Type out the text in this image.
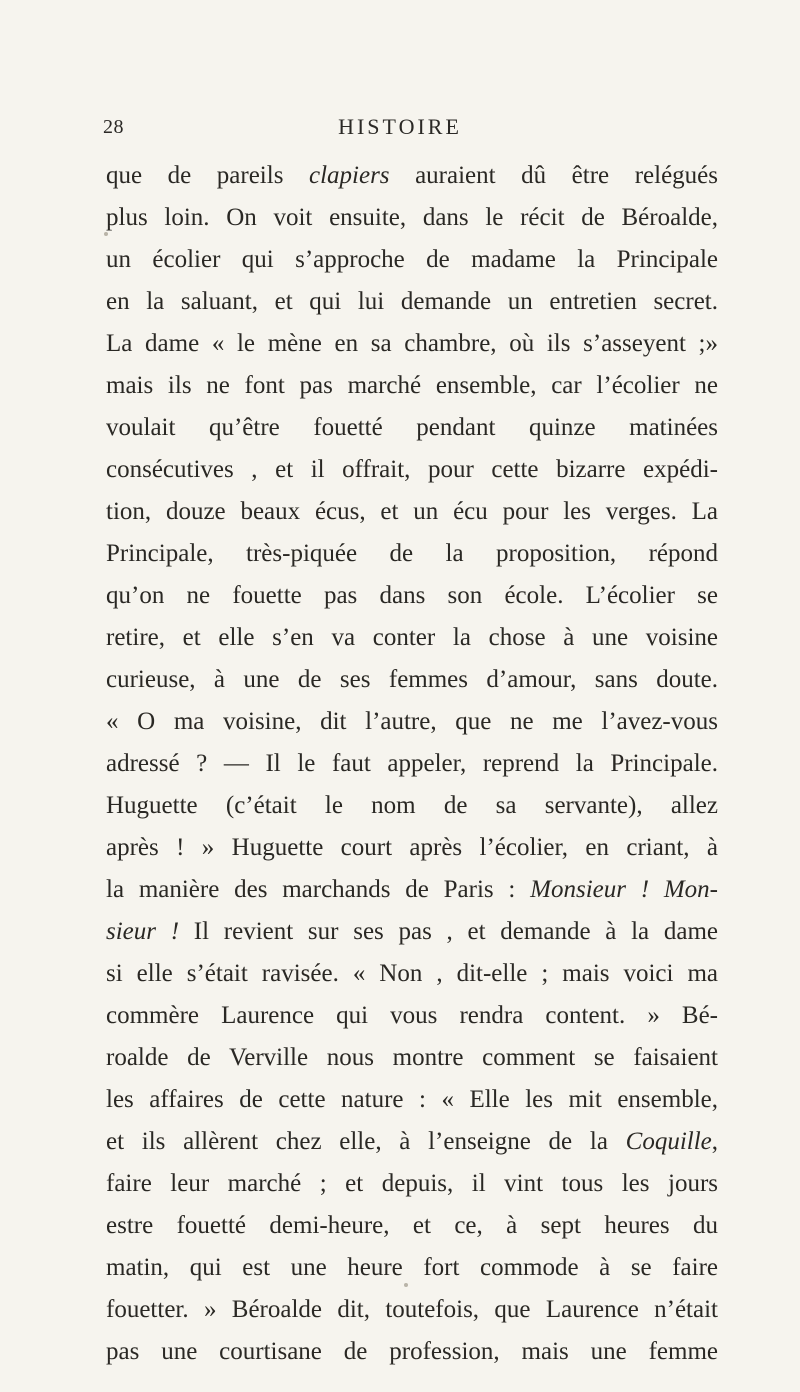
28	HISTOIRE
que de pareils clapiers auraient dû être relégués
plus loin. On voit ensuite, dans le récit de Béroalde,
un écolier qui s’approche de madame la Principale
en la saluant, et qui lui demande un entretien secret.
La dame « le mène en sa chambre, où ils s’asseyent ;»
mais ils ne font pas marché ensemble, car l’écolier ne
voulait qu’être fouetté pendant quinze matinées
consécutives , et il offrait, pour cette bizarre expédi-
tion, douze beaux écus, et un écu pour les verges. La
Principale, très-piquée de la proposition, répond
qu’on ne fouette pas dans son école. L’écolier se
retire, et elle s’en va conter la chose à une voisine
curieuse, à une de ses femmes d’amour, sans doute.
« O ma voisine, dit l’autre, que ne me l’avez-vous
adressé ? — Il le faut appeler, reprend la Principale.
Huguette (c’était le nom de sa servante), allez
après ! » Huguette court après l’écolier, en criant, à
la manière des marchands de Paris : Monsieur ! Mon-
sieur ! Il revient sur ses pas , et demande à la dame
si elle s’était ravisée. « Non , dit-elle ; mais voici ma
commère Laurence qui vous rendra content. » Bé-
roalde de Verville nous montre comment se faisaient
les affaires de cette nature : « Elle les mit ensemble,
et ils allèrent chez elle, à l’enseigne de la Coquille,
faire leur marché ; et depuis, il vint tous les jours
estre fouetté demi-heure, et ce, à sept heures du
matin, qui est une heure fort commode à se faire
fouetter. » Béroalde dit, toutefois, que Laurence n’était
pas une courtisane de profession, mais une femme
